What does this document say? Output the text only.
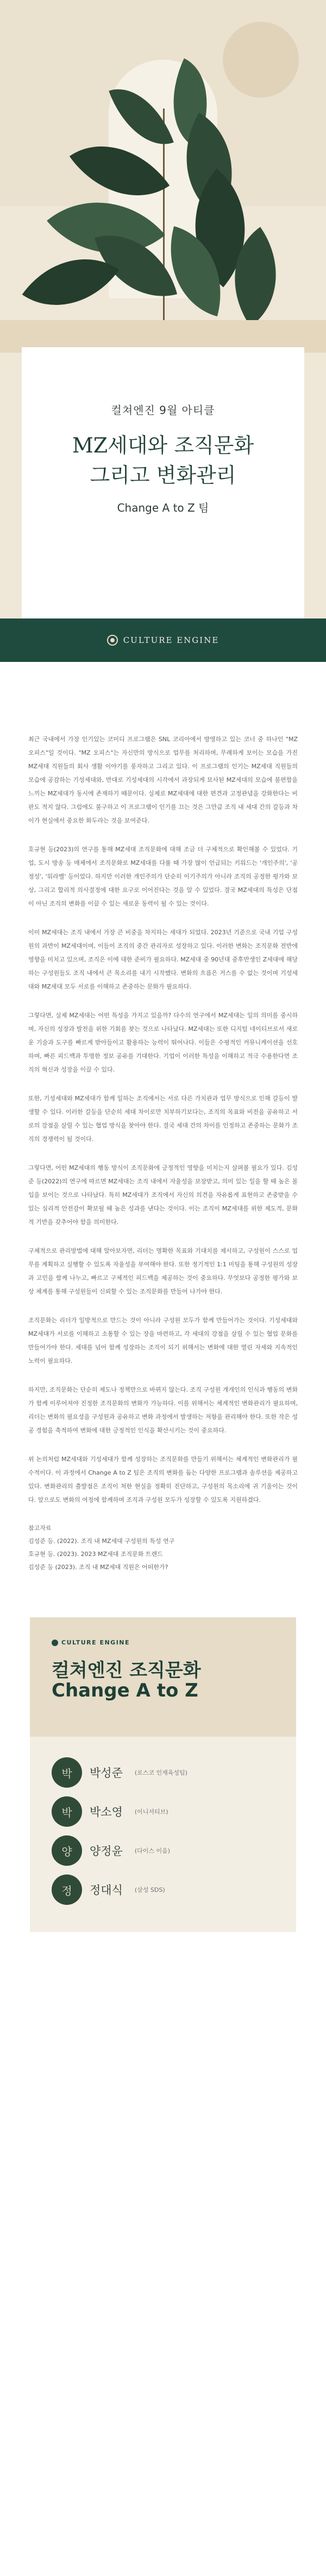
컬쳐엔진 9월 아티클
MZ세대와 조직문화
그리고 변화관리
Change A to Z 팀
CULTURE ENGINE

최근 국내에서 가장 인기있는 코미디 프로그램은 SNL 코리아에서 방영하고 있는 코너 중 하나인 "MZ 오피스"일 것이다. "MZ 오피스"는 자신만의 방식으로 업무를 처리하며, 무례하게 보이는 모습을 가진 MZ세대 직원들의 회사 생활 이야기를 풍자하고 그리고 있다. 이 프로그램의 인기는 MZ세대 직원들의 모습에 공감하는 기성세대와, 반대로 기성세대의 시각에서 과장되게 묘사된 MZ세대의 모습에 불편함을 느끼는 MZ세대가 동시에 존재하기 때문이다. 실제로 MZ세대에 대한 편견과 고정관념을 강화한다는 비판도 적지 않다. 그럼에도 불구하고 이 프로그램이 인기를 끄는 것은 그만큼 조직 내 세대 간의 갈등과 차이가 현실에서 중요한 화두라는 것을 보여준다.

호규현 등(2023)의 연구를 통해 MZ세대 조직문화에 대해 조금 더 구체적으로 확인해볼 수 있었다. 기업, 도시 방송 등 매체에서 조직문화로 MZ세대를 다룰 때 가장 많이 언급되는 키워드는 '개인주의', '공정성', '워라밸' 등이었다. 하지만 이러한 개인주의가 단순히 이기주의가 아니라 조직의 공정한 평가와 보상, 그리고 합리적 의사결정에 대한 요구로 이어진다는 것을 알 수 있었다. 결국 MZ세대의 특성은 단점이 아닌 조직의 변화를 이끌 수 있는 새로운 동력이 될 수 있는 것이다.

이미 MZ세대는 조직 내에서 가장 큰 비중을 차지하는 세대가 되었다. 2023년 기준으로 국내 기업 구성원의 과반이 MZ세대이며, 이들이 조직의 중간 관리자로 성장하고 있다. 이러한 변화는 조직문화 전반에 영향을 미치고 있으며, 조직은 이에 대한 준비가 필요하다. MZ세대 중 90년대 중후반생인 Z세대에 해당하는 구성원들도 조직 내에서 큰 목소리를 내기 시작했다. 변화의 흐름은 거스를 수 없는 것이며 기성세대와 MZ세대 모두 서로를 이해하고 존중하는 문화가 필요하다.

그렇다면, 실제 MZ세대는 어떤 특성을 가지고 있을까? 다수의 연구에서 MZ세대는 일의 의미를 중시하며, 자신의 성장과 발전을 위한 기회를 찾는 것으로 나타났다. MZ세대는 또한 디지털 네이티브로서 새로운 기술과 도구를 빠르게 받아들이고 활용하는 능력이 뛰어나다. 이들은 수평적인 커뮤니케이션을 선호하며, 빠른 피드백과 투명한 정보 공유를 기대한다. 기업이 이러한 특성을 이해하고 적극 수용한다면 조직의 혁신과 성장을 이끌 수 있다.

또한, 기성세대와 MZ세대가 함께 일하는 조직에서는 서로 다른 가치관과 업무 방식으로 인해 갈등이 발생할 수 있다. 이러한 갈등을 단순히 세대 차이로만 치부하기보다는, 조직의 목표와 비전을 공유하고 서로의 강점을 살릴 수 있는 협업 방식을 찾아야 한다. 결국 세대 간의 차이를 인정하고 존중하는 문화가 조직의 경쟁력이 될 것이다.

그렇다면, 어떤 MZ세대의 행동 방식이 조직문화에 긍정적인 영향을 미치는지 살펴볼 필요가 있다. 김성준 등(2022)의 연구에 따르면 MZ세대는 조직 내에서 자율성을 보장받고, 의미 있는 일을 할 때 높은 몰입을 보이는 것으로 나타났다. 특히 MZ세대가 조직에서 자신의 의견을 자유롭게 표현하고 존중받을 수 있는 심리적 안전감이 확보될 때 높은 성과를 낸다는 것이다. 이는 조직이 MZ세대를 위한 제도적, 문화적 기반을 갖추어야 함을 의미한다.

구체적으로 관리방법에 대해 알아보자면, 리더는 명확한 목표와 기대치를 제시하고, 구성원이 스스로 업무를 계획하고 실행할 수 있도록 자율성을 부여해야 한다. 또한 정기적인 1:1 미팅을 통해 구성원의 성장과 고민을 함께 나누고, 빠르고 구체적인 피드백을 제공하는 것이 중요하다. 무엇보다 공정한 평가와 보상 체계를 통해 구성원들이 신뢰할 수 있는 조직문화를 만들어 나가야 한다.

조직문화는 리더가 일방적으로 만드는 것이 아니라 구성원 모두가 함께 만들어가는 것이다. 기성세대와 MZ세대가 서로를 이해하고 소통할 수 있는 장을 마련하고, 각 세대의 강점을 살릴 수 있는 협업 문화를 만들어가야 한다. 세대를 넘어 함께 성장하는 조직이 되기 위해서는 변화에 대한 열린 자세와 지속적인 노력이 필요하다.

하지만, 조직문화는 단순히 제도나 정책만으로 바뀌지 않는다. 조직 구성원 개개인의 인식과 행동의 변화가 함께 이루어져야 진정한 조직문화의 변화가 가능하다. 이를 위해서는 체계적인 변화관리가 필요하며, 리더는 변화의 필요성을 구성원과 공유하고 변화 과정에서 발생하는 저항을 관리해야 한다. 또한 작은 성공 경험을 축적하여 변화에 대한 긍정적인 인식을 확산시키는 것이 중요하다.

위 논의처럼 MZ세대와 기성세대가 함께 성장하는 조직문화를 만들기 위해서는 체계적인 변화관리가 필수적이다. 이 과정에서 Change A to Z 팀은 조직의 변화를 돕는 다양한 프로그램과 솔루션을 제공하고 있다. 변화관리의 출발점은 조직이 처한 현실을 정확히 진단하고, 구성원의 목소리에 귀 기울이는 것이다. 앞으로도 변화의 여정에 함께하며 조직과 구성원 모두가 성장할 수 있도록 지원하겠다.

참고자료
김성준 등. (2022). 조직 내 MZ세대 구성원의 특성 연구
호규현 등. (2023). 2023 MZ세대 조직문화 트렌드
김성준 등 (2023). 조직 내 MZ세대 직원은 어떠한가?
CULTURE ENGINE
컬쳐엔진 조직문화
Change A to Z
박	박성준 (로스코 인재육성팀)
박	박소영 (이니셔티브)
양	양정윤 (다이스 이음)
정	정대식 (삼성 SDS)
